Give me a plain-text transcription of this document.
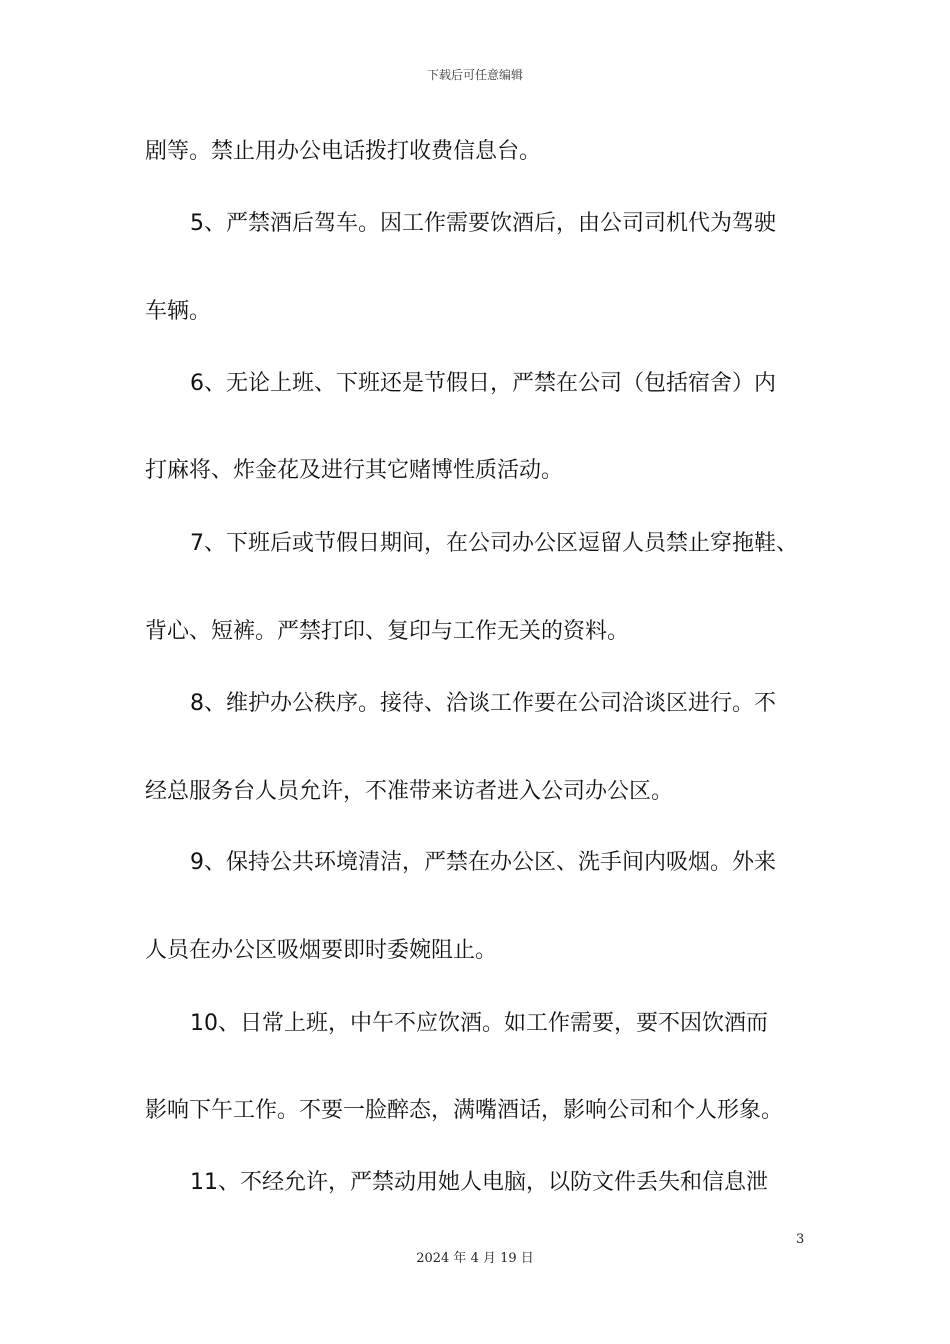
下载后可任意编辑
剧等。禁止用办公电话拨打收费信息台。
5、严禁酒后驾车。因工作需要饮酒后，由公司司机代为驾驶
车辆。
6、无论上班、下班还是节假日，严禁在公司（包括宿舍）内
打麻将、炸金花及进行其它赌博性质活动。
7、下班后或节假日期间，在公司办公区逗留人员禁止穿拖鞋、
背心、短裤。严禁打印、复印与工作无关的资料。
8、维护办公秩序。接待、洽谈工作要在公司洽谈区进行。不
经总服务台人员允许，不准带来访者进入公司办公区。
9、保持公共环境清洁，严禁在办公区、洗手间内吸烟。外来
人员在办公区吸烟要即时委婉阻止。
10、日常上班，中午不应饮酒。如工作需要，要不因饮酒而
影响下午工作。不要一脸醉态，满嘴酒话，影响公司和个人形象。
11、不经允许，严禁动用她人电脑，以防文件丢失和信息泄
3
2024 年 4 月 19 日
